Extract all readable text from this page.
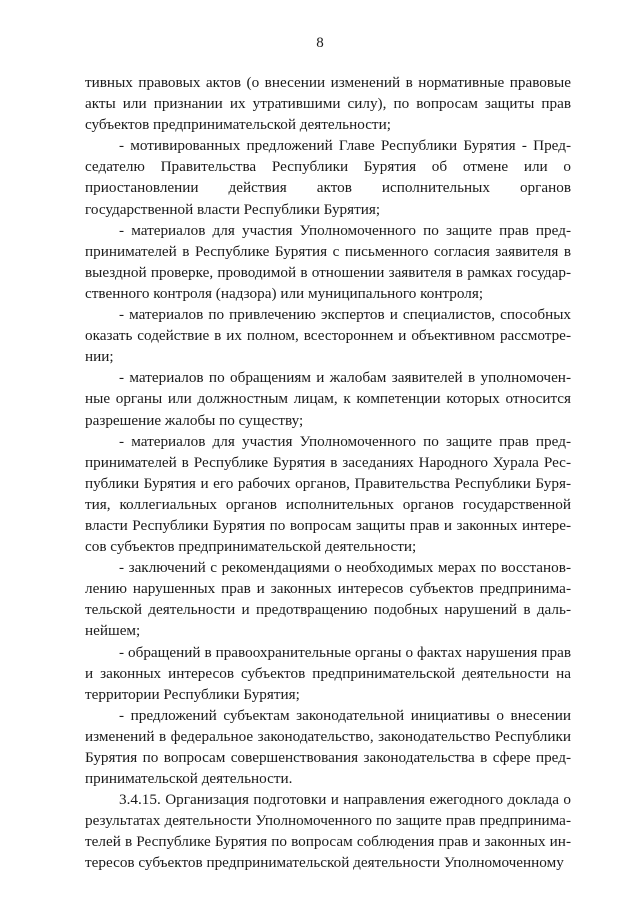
8

тивных правовых актов (о внесении изменений в нормативные правовые акты или признании их утратившими силу), по вопросам защиты прав субъектов предпринимательской деятельности;

- мотивированных предложений Главе Республики Бурятия - Председателю Правительства Республики Бурятия об отмене или о приостановлении действия актов исполнительных органов государственной власти Республики Бурятия;

- материалов для участия Уполномоченного по защите прав предпринимателей в Республике Бурятия с письменного согласия заявителя в выездной проверке, проводимой в отношении заявителя в рамках государственного контроля (надзора) или муниципального контроля;

- материалов по привлечению экспертов и специалистов, способных оказать содействие в их полном, всестороннем и объективном рассмотрении;

- материалов по обращениям и жалобам заявителей в уполномоченные органы или должностным лицам, к компетенции которых относится разрешение жалобы по существу;

- материалов для участия Уполномоченного по защите прав предпринимателей в Республике Бурятия в заседаниях Народного Хурала Республики Бурятия и его рабочих органов, Правительства Республики Бурятия, коллегиальных органов исполнительных органов государственной власти Республики Бурятия по вопросам защиты прав и законных интересов субъектов предпринимательской деятельности;

- заключений с рекомендациями о необходимых мерах по восстановлению нарушенных прав и законных интересов субъектов предпринимательской деятельности и предотвращению подобных нарушений в дальнейшем;

- обращений в правоохранительные органы о фактах нарушения прав и законных интересов субъектов предпринимательской деятельности на территории Республики Бурятия;

- предложений субъектам законодательной инициативы о внесении изменений в федеральное законодательство, законодательство Республики Бурятия по вопросам совершенствования законодательства в сфере предпринимательской деятельности.

3.4.15. Организация подготовки и направления ежегодного доклада о результатах деятельности Уполномоченного по защите прав предпринимателей в Республике Бурятия по вопросам соблюдения прав и законных интересов субъектов предпринимательской деятельности Уполномоченному
